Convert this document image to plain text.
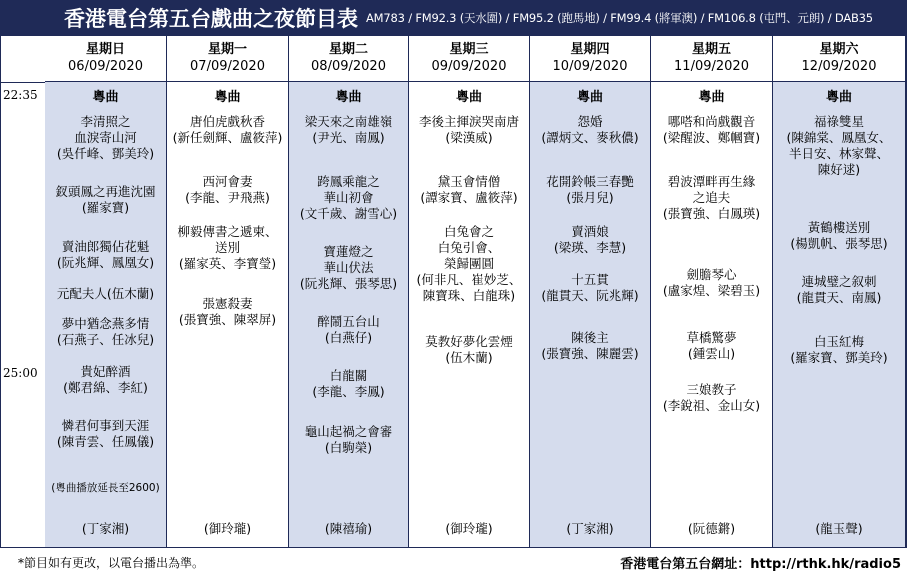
香港電台第五台戲曲之夜節目表 AM783 / FM92.3 (天水圍) / FM95.2 (跑馬地) / FM99.4 (將軍澳) / FM106.8 (屯門、元朗) / DAB35
22:35
25:00
星期日
06/09/2020
粵曲
李清照之
血淚寄山河
(吳仟峰、鄧美玲)
釵頭鳳之再進沈園
(羅家寶)
賣油郎獨佔花魁
(阮兆輝、鳳凰女)
元配夫人(伍木蘭)
夢中猶念燕多情
(石燕子、任冰兒)
貴妃醉酒
(鄭君綿、李紅)
憐君何事到天涯
(陳青雲、任鳳儀)
(粵曲播放延長至2600)
(丁家湘)
星期一
07/09/2020
粵曲
唐伯虎戲秋香
(新任劍輝、盧筱萍)
西河會妻
(李龍、尹飛燕)
柳毅傳書之遞柬、
送別
(羅家英、李寶瑩)
張憲殺妻
(張寶強、陳翠屏)
(御玲瓏)
星期二
08/09/2020
粵曲
梁天來之南雄嶺
(尹光、南鳳)
跨鳳乘龍之
華山初會
(文千歲、謝雪心)
寶蓮燈之
華山伏法
(阮兆輝、張琴思)
醉鬧五台山
(白燕仔)
白龍關
(李龍、李鳳)
龜山起禍之會審
(白駒榮)
(陳禧瑜)
星期三
09/09/2020
粵曲
李後主揮淚哭南唐
(梁漢威)
黛玉會情僧
(譚家寶、盧筱萍)
白兔會之
白兔引會、
榮歸團圓
(何非凡、崔妙芝、
陳寶珠、白龍珠)
莫教好夢化雲煙
(伍木蘭)
(御玲瓏)
星期四
10/09/2020
粵曲
怨婚
(譚炳文、麥秋儂)
花開鈴帳三春艷
(張月兒)
賣酒娘
(梁瑛、李慧)
十五貫
(龍貫天、阮兆輝)
陳後主
(張寶強、陳麗雲)
(丁家湘)
星期五
11/09/2020
粵曲
哪嗒和尚戲觀音
(梁醒波、鄭幗寶)
碧波潭畔再生緣
之追夫
(張寶強、白鳳瑛)
劍膽琴心
(盧家煌、梁碧玉)
草橋驚夢
(鍾雲山)
三娘教子
(李銳祖、金山女)
(阮德鏘)
星期六
12/09/2020
粵曲
福祿雙星
(陳錦棠、鳳凰女、
半日安、林家聲、
陳好逑)
黃鶴樓送別
(楊凱帆、張琴思)
連城璧之叙刺
(龍貫天、南鳳)
白玉紅梅
(羅家寶、鄧美玲)
(龍玉聲)
*節目如有更改，以電台播出為準。	香港電台第五台網址：http://rthk.hk/radio5
